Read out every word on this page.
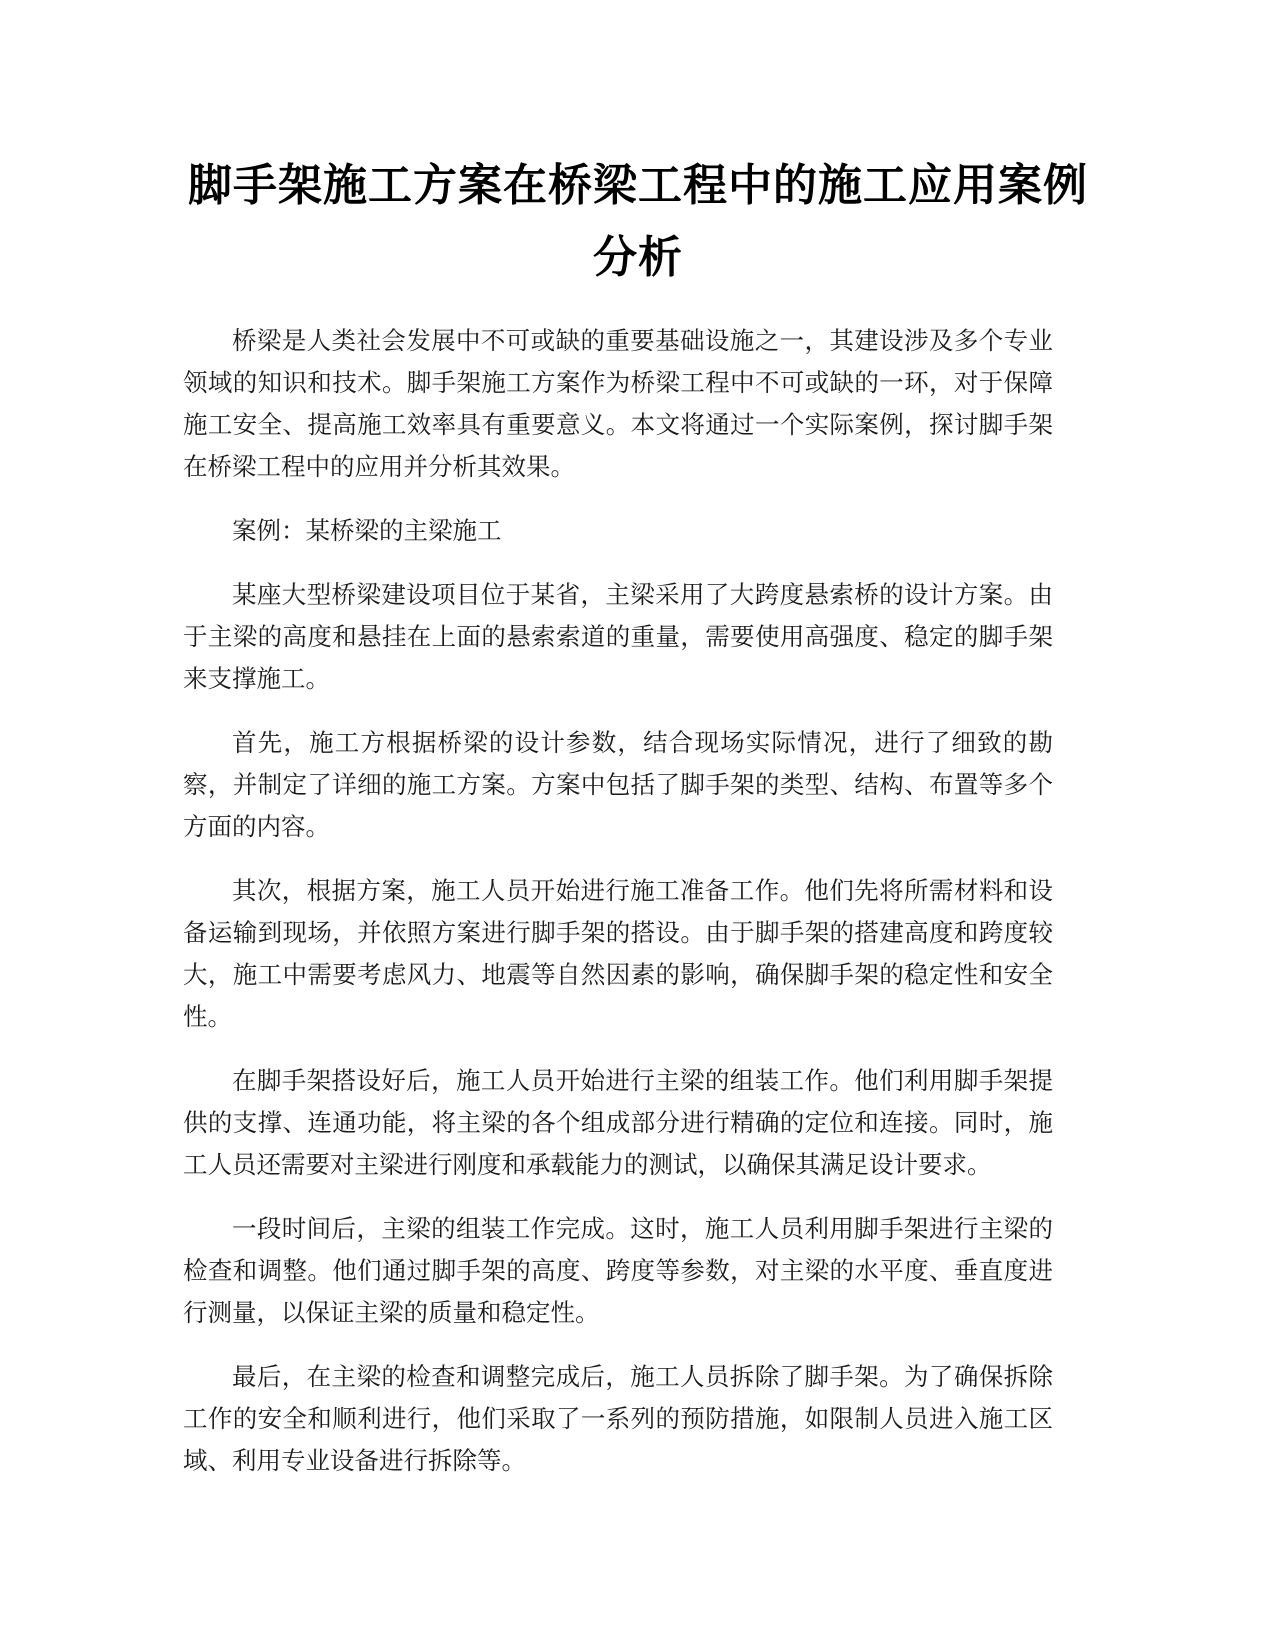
脚手架施工方案在桥梁工程中的施工应用案例分析

桥梁是人类社会发展中不可或缺的重要基础设施之一，其建设涉及多个专业领域的知识和技术。脚手架施工方案作为桥梁工程中不可或缺的一环，对于保障施工安全、提高施工效率具有重要意义。本文将通过一个实际案例，探讨脚手架在桥梁工程中的应用并分析其效果。

案例：某桥梁的主梁施工

某座大型桥梁建设项目位于某省，主梁采用了大跨度悬索桥的设计方案。由于主梁的高度和悬挂在上面的悬索索道的重量，需要使用高强度、稳定的脚手架来支撑施工。

首先，施工方根据桥梁的设计参数，结合现场实际情况，进行了细致的勘察，并制定了详细的施工方案。方案中包括了脚手架的类型、结构、布置等多个方面的内容。

其次，根据方案，施工人员开始进行施工准备工作。他们先将所需材料和设备运输到现场，并依照方案进行脚手架的搭设。由于脚手架的搭建高度和跨度较大，施工中需要考虑风力、地震等自然因素的影响，确保脚手架的稳定性和安全性。

在脚手架搭设好后，施工人员开始进行主梁的组装工作。他们利用脚手架提供的支撑、连通功能，将主梁的各个组成部分进行精确的定位和连接。同时，施工人员还需要对主梁进行刚度和承载能力的测试，以确保其满足设计要求。

一段时间后，主梁的组装工作完成。这时，施工人员利用脚手架进行主梁的检查和调整。他们通过脚手架的高度、跨度等参数，对主梁的水平度、垂直度进行测量，以保证主梁的质量和稳定性。

最后，在主梁的检查和调整完成后，施工人员拆除了脚手架。为了确保拆除工作的安全和顺利进行，他们采取了一系列的预防措施，如限制人员进入施工区域、利用专业设备进行拆除等。
